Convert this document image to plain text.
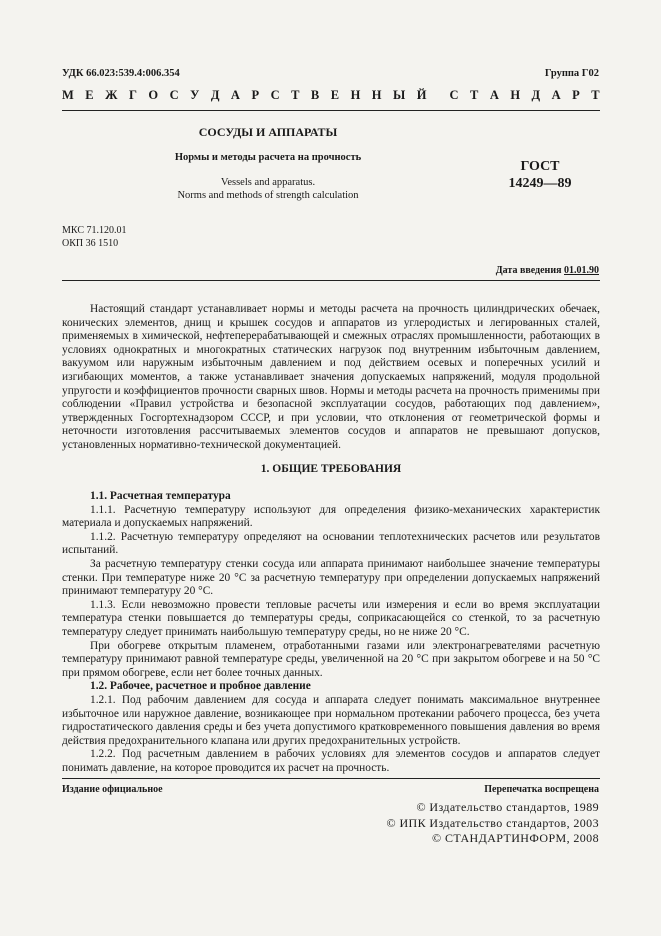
УДК 66.023:539.4:006.354	Группа Г02
М Е Ж Г О С У Д А Р С Т В Е Н Н Ы Й С Т А Н Д А Р Т
СОСУДЫ И АППАРАТЫ
Нормы и методы расчета на прочность
Vessels and apparatus.
Norms and methods of strength calculation
ГОСТ
14249—89
МКС 71.120.01
ОКП 36 1510
Дата введения 01.01.90

Настоящий стандарт устанавливает нормы и методы расчета на прочность цилиндрических обечаек, конических элементов, днищ и крышек сосудов и аппаратов из углеродистых и легированных сталей, применяемых в химической, нефтеперерабатывающей и смежных отраслях промышленности, работающих в условиях однократных и многократных статических нагрузок под внутренним избыточным давлением, вакуумом или наружным избыточным давлением и под действием осевых и поперечных усилий и изгибающих моментов, а также устанавливает значения допускаемых напряжений, модуля продольной упругости и коэффициентов прочности сварных швов. Нормы и методы расчета на прочность применимы при соблюдении «Правил устройства и безопасной эксплуатации сосудов, работающих под давлением», утвержденных Госгортехнадзором СССР, и при условии, что отклонения от геометрической формы и неточности изготовления рассчитываемых элементов сосудов и аппаратов не превышают допусков, установленных нормативно-технической документацией.

1. ОБЩИЕ ТРЕБОВАНИЯ

1.1. Расчетная температура

1.1.1. Расчетную температуру используют для определения физико-механических характеристик материала и допускаемых напряжений.

1.1.2. Расчетную температуру определяют на основании теплотехнических расчетов или результатов испытаний.

За расчетную температуру стенки сосуда или аппарата принимают наибольшее значение температуры стенки. При температуре ниже 20 °С за расчетную температуру при определении допускаемых напряжений принимают температуру 20 °С.

1.1.3. Если невозможно провести тепловые расчеты или измерения и если во время эксплуатации температура стенки повышается до температуры среды, соприкасающейся со стенкой, то за расчетную температуру следует принимать наибольшую температуру среды, но не ниже 20 °С.

При обогреве открытым пламенем, отработанными газами или электронагревателями расчетную температуру принимают равной температуре среды, увеличенной на 20 °С при закрытом обогреве и на 50 °С при прямом обогреве, если нет более точных данных.

1.2. Рабочее, расчетное и пробное давление

1.2.1. Под рабочим давлением для сосуда и аппарата следует понимать максимальное внутреннее избыточное или наружное давление, возникающее при нормальном протекании рабочего процесса, без учета гидростатического давления среды и без учета допустимого кратковременного повышения давления во время действия предохранительного клапана или других предохранительных устройств.

1.2.2. Под расчетным давлением в рабочих условиях для элементов сосудов и аппаратов следует понимать давление, на которое проводится их расчет на прочность.

Издание официальное	Перепечатка воспрещена
© Издательство стандартов, 1989
© ИПК Издательство стандартов, 2003
© СТАНДАРТИНФОРМ, 2008
